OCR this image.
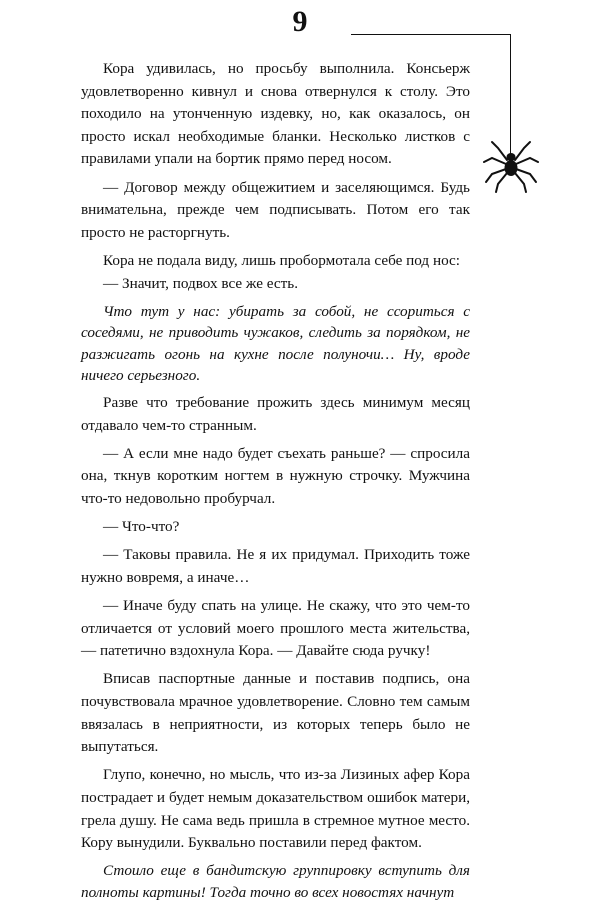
9

Кора удивилась, но просьбу выполнила. Консьерж удовлетворенно кивнул и снова отвернулся к столу. Это походило на утонченную издевку, но, как оказалось, он просто искал необходимые бланки. Несколько листков с правилами упали на бортик прямо перед носом.

— Договор между общежитием и заселяющимся. Будь внимательна, прежде чем подписывать. Потом его так просто не расторгнуть.

Кора не подала виду, лишь пробормотала себе под нос:

— Значит, подвох все же есть.

Что тут у нас: убирать за собой, не ссориться с соседями, не приводить чужаков, следить за порядком, не разжигать огонь на кухне после полуночи… Ну, вроде ничего серьезного.

Разве что требование прожить здесь минимум месяц отдавало чем-то странным.

— А если мне надо будет съехать раньше? — спросила она, ткнув коротким ногтем в нужную строчку. Мужчина что-то недовольно пробурчал.

— Что-что?

— Таковы правила. Не я их придумал. Приходить тоже нужно вовремя, а иначе…

— Иначе буду спать на улице. Не скажу, что это чем-то отличается от условий моего прошлого места жительства, — патетично вздохнула Кора. — Давайте сюда ручку!

Вписав паспортные данные и поставив подпись, она почувствовала мрачное удовлетворение. Словно тем самым ввязалась в неприятности, из которых теперь было не выпутаться.

Глупо, конечно, но мысль, что из-за Лизиных афер Кора пострадает и будет немым доказательством ошибок матери, грела душу. Не сама ведь пришла в стремное мутное место. Кору вынудили. Буквально поставили перед фактом.

Стоило еще в бандитскую группировку вступить для полноты картины! Тогда точно во всех новостях начнут
